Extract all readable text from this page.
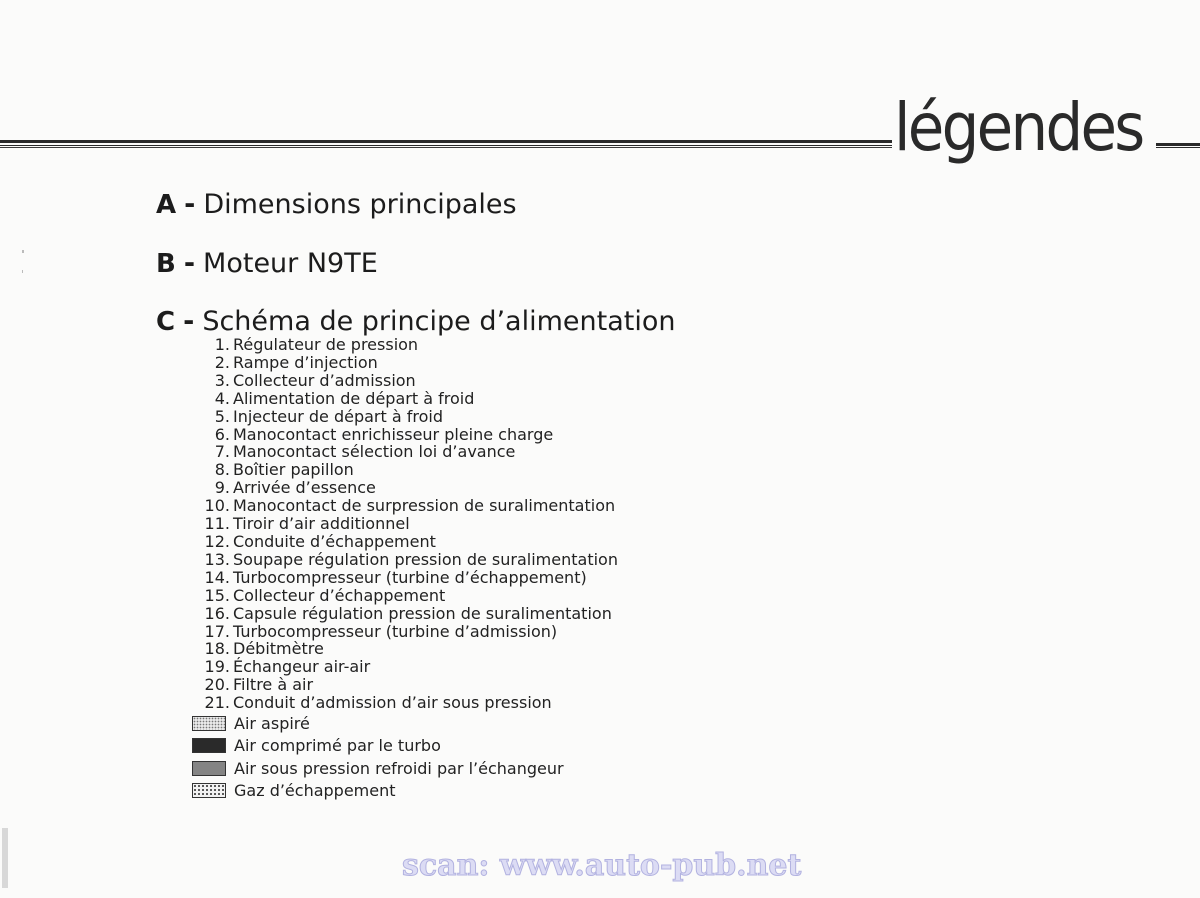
légendes
A - Dimensions principales
B - Moteur N9TE
C - Schéma de principe d’alimentation
1. Régulateur de pression
2. Rampe d’injection
3. Collecteur d’admission
4. Alimentation de départ à froid
5. Injecteur de départ à froid
6. Manocontact enrichisseur pleine charge
7. Manocontact sélection loi d’avance
8. Boîtier papillon
9. Arrivée d’essence
10. Manocontact de surpression de suralimentation
11. Tiroir d’air additionnel
12. Conduite d’échappement
13. Soupape régulation pression de suralimentation
14. Turbocompresseur (turbine d’échappement)
15. Collecteur d’échappement
16. Capsule régulation pression de suralimentation
17. Turbocompresseur (turbine d’admission)
18. Débitmètre
19. Échangeur air-air
20. Filtre à air
21. Conduit d’admission d’air sous pression
Air aspiré
Air comprimé par le turbo
Air sous pression refroidi par l’échangeur
Gaz d’échappement
scan: www.auto-pub.net
